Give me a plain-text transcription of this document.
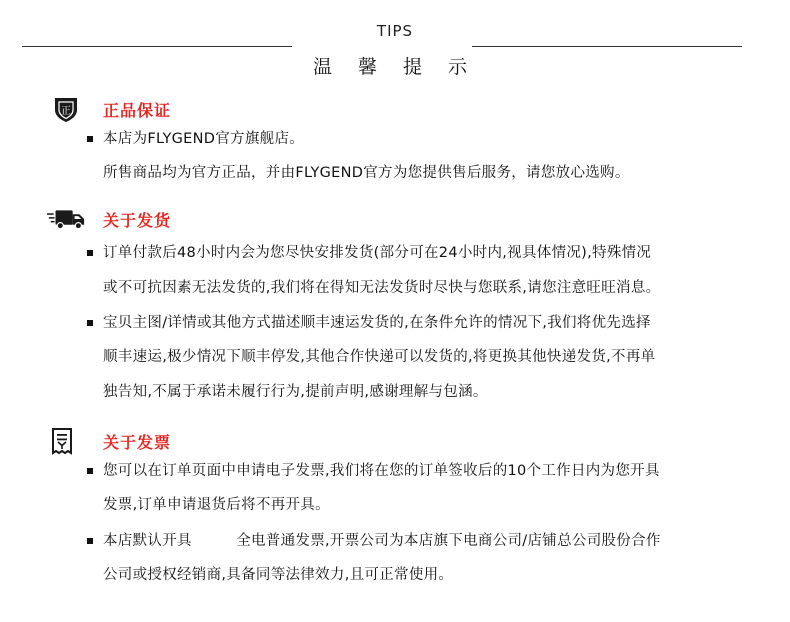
TIPS
温 馨 提 示
正 正品保证
本店为FLYGEND官方旗舰店。
所售商品均为官方正品，并由FLYGEND官方为您提供售后服务，请您放心选购。
关于发货
订单付款后48小时内会为您尽快安排发货(部分可在24小时内,视具体情况),特殊情况
或不可抗因素无法发货的,我们将在得知无法发货时尽快与您联系,请您注意旺旺消息。
宝贝主图/详情或其他方式描述顺丰速运发货的,在条件允许的情况下,我们将优先选择
顺丰速运,极少情况下顺丰停发,其他合作快递可以发货的,将更换其他快递发货,不再单
独告知,不属于承诺未履行行为,提前声明,感谢理解与包涵。
关于发票
您可以在订单页面中申请电子发票,我们将在您的订单签收后的10个工作日内为您开具
发票,订单申请退货后将不再开具。
本店默认开具　　　全电普通发票,开票公司为本店旗下电商公司/店铺总公司股份合作
公司或授权经销商,具备同等法律效力,且可正常使用。
